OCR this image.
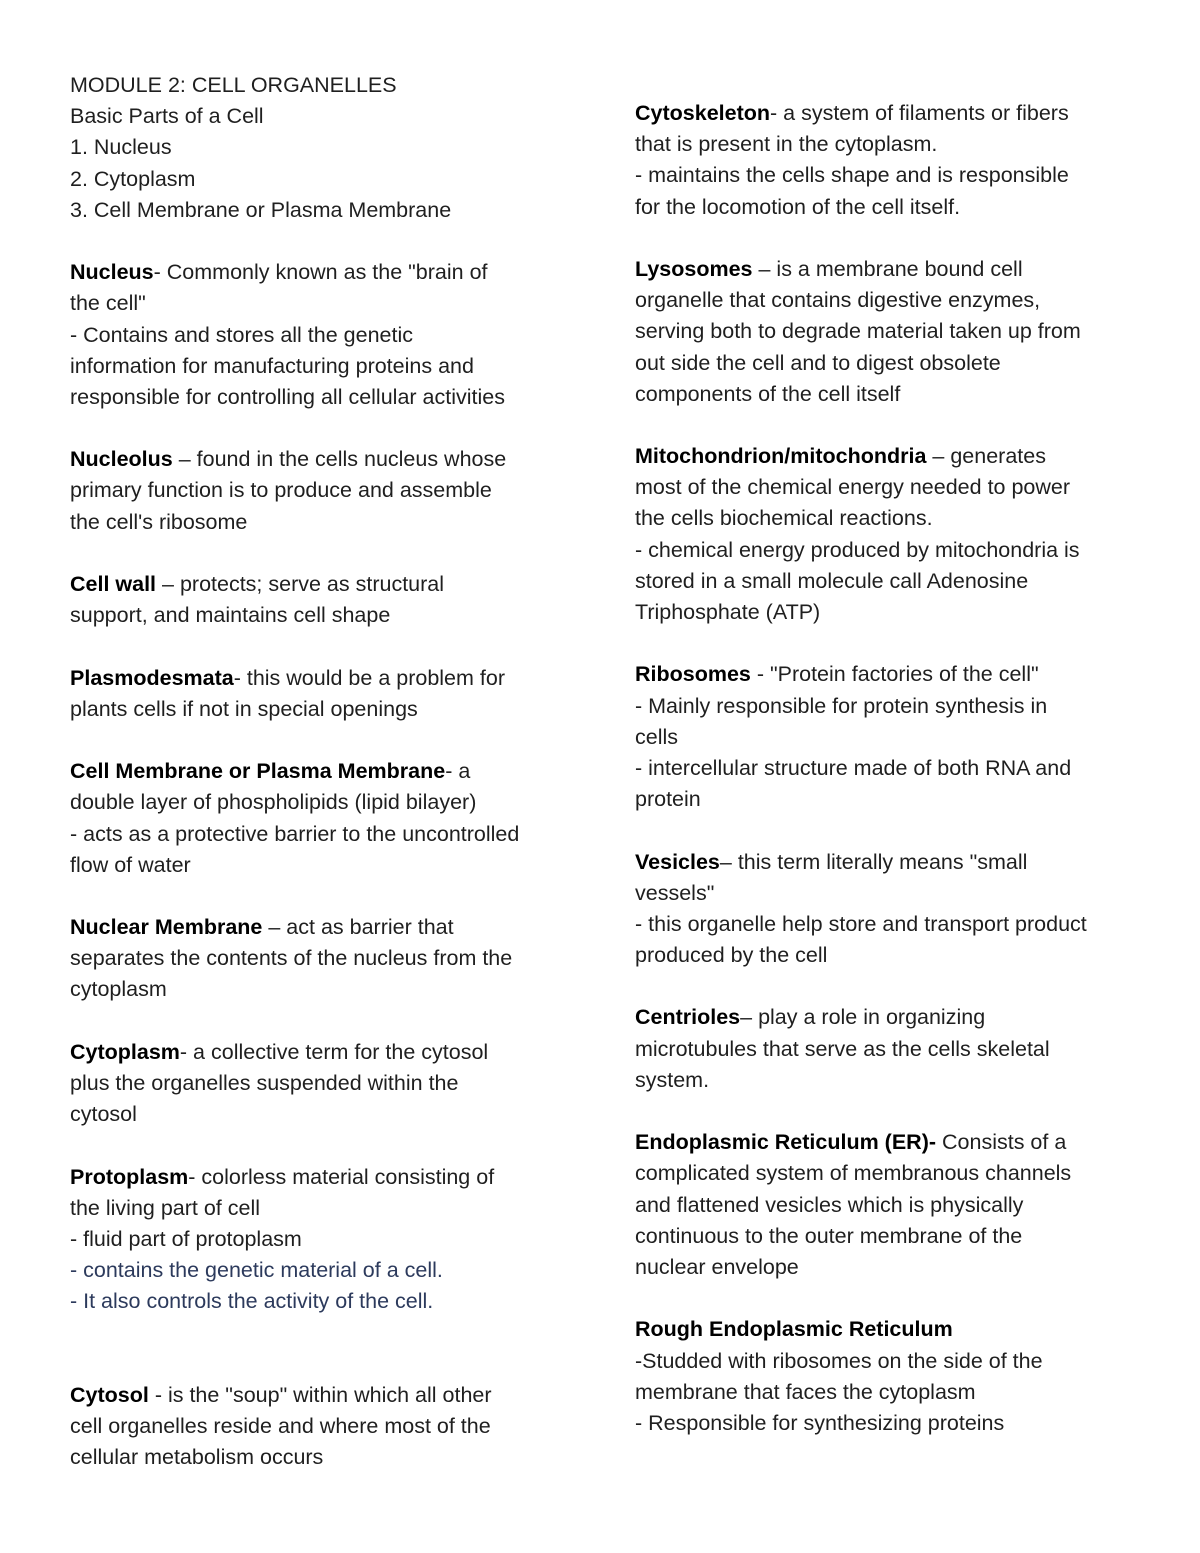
MODULE 2: CELL ORGANELLES
Basic Parts of a Cell
1. Nucleus
2. Cytoplasm
3. Cell Membrane or Plasma Membrane
Nucleus- Commonly known as the "brain of
the cell"
- Contains and stores all the genetic
information for manufacturing proteins and
responsible for controlling all cellular activities
Nucleolus – found in the cells nucleus whose
primary function is to produce and assemble
the cell's ribosome
Cell wall – protects; serve as structural
support, and maintains cell shape
Plasmodesmata- this would be a problem for
plants cells if not in special openings
Cell Membrane or Plasma Membrane- a
double layer of phospholipids (lipid bilayer)
- acts as a protective barrier to the uncontrolled
flow of water
Nuclear Membrane – act as barrier that
separates the contents of the nucleus from the
cytoplasm
Cytoplasm- a collective term for the cytosol
plus the organelles suspended within the
cytosol
Protoplasm- colorless material consisting of
the living part of cell
- fluid part of protoplasm
- contains the genetic material of a cell.
- It also controls the activity of the cell.
Cytosol - is the "soup" within which all other
cell organelles reside and where most of the
cellular metabolism occurs
Cytoskeleton- a system of filaments or fibers
that is present in the cytoplasm.
- maintains the cells shape and is responsible
for the locomotion of the cell itself.
Lysosomes – is a membrane bound cell
organelle that contains digestive enzymes,
serving both to degrade material taken up from
out side the cell and to digest obsolete
components of the cell itself
Mitochondrion/mitochondria – generates
most of the chemical energy needed to power
the cells biochemical reactions.
- chemical energy produced by mitochondria is
stored in a small molecule call Adenosine
Triphosphate (ATP)
Ribosomes - "Protein factories of the cell"
- Mainly responsible for protein synthesis in
cells
- intercellular structure made of both RNA and
protein
Vesicles– this term literally means "small
vessels"
- this organelle help store and transport product
produced by the cell
Centrioles– play a role in organizing
microtubules that serve as the cells skeletal
system.
Endoplasmic Reticulum (ER)- Consists of a
complicated system of membranous channels
and flattened vesicles which is physically
continuous to the outer membrane of the
nuclear envelope
Rough Endoplasmic Reticulum
-Studded with ribosomes on the side of the
membrane that faces the cytoplasm
- Responsible for synthesizing proteins
